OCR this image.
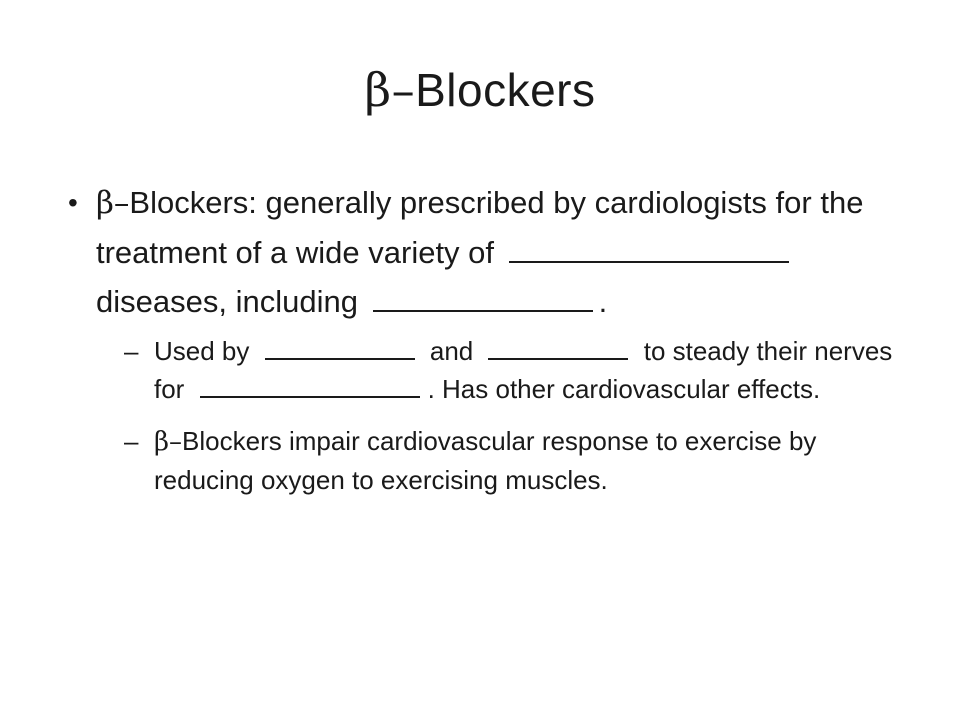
β–Blockers
• β–Blockers: generally prescribed by cardiologists for the treatment of a wide variety of  diseases, including	.
– Used by	and	to steady their nerves for	. Has other cardiovascular effects.
– β–Blockers impair cardiovascular response to exercise by reducing oxygen to exercising muscles.
